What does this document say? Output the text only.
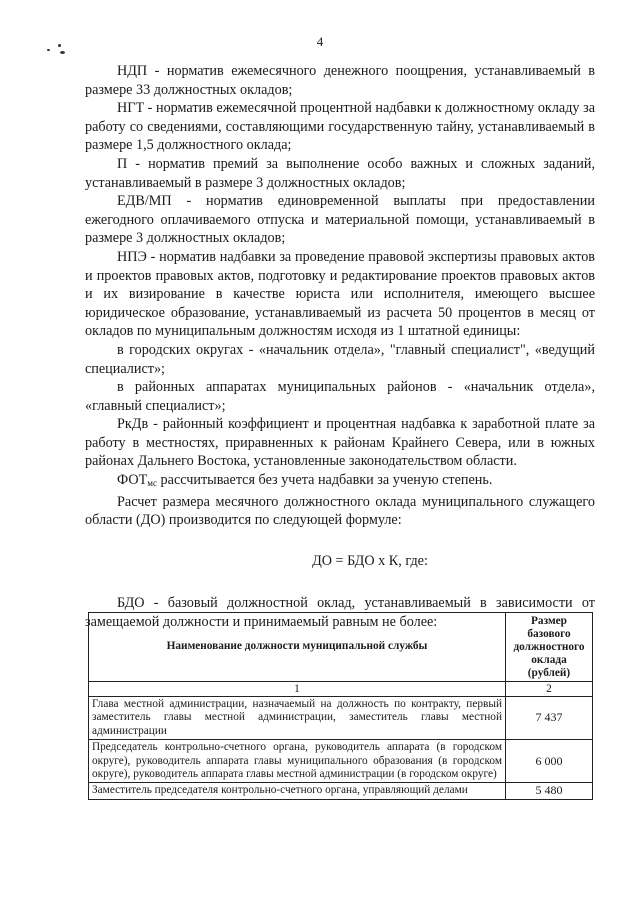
4

НДП - норматив ежемесячного денежного поощрения, устанавливаемый в размере 33 должностных окладов;

НГТ - норматив ежемесячной процентной надбавки к должностному окладу за работу со сведениями, составляющими государственную тайну, устанавливаемый в размере 1,5 должностного оклада;

П - норматив премий за выполнение особо важных и сложных заданий, устанавливаемый в размере 3 должностных окладов;

ЕДВ/МП - норматив единовременной выплаты при предоставлении ежегодного оплачиваемого отпуска и материальной помощи, устанавливаемый в размере 3 должностных окладов;

НПЭ - норматив надбавки за проведение правовой экспертизы правовых актов и проектов правовых актов, подготовку и редактирование проектов правовых актов и их визирование в качестве юриста или исполнителя, имеющего высшее юридическое образование, устанавливаемый из расчета 50 процентов в месяц от окладов по муниципальным должностям исходя из 1 штатной единицы:

в городских округах - «начальник отдела», "главный специалист", «ведущий специалист»;

в районных аппаратах муниципальных районов - «начальник отдела», «главный специалист»;

РкДв - районный коэффициент и процентная надбавка к заработной плате за работу в местностях, приравненных к районам Крайнего Севера, или в южных районах Дальнего Востока, установленные законодательством области.

$ФОТ_{мс}$ рассчитывается без учета надбавки за ученую степень.

Расчет размера месячного должностного оклада муниципального служащего области (ДО) производится по следующей формуле:

ДО = БДО х К, где:

БДО - базовый должностной оклад, устанавливаемый в зависимости от замещаемой должности и принимаемый равным не более:

Наименование должности муниципальной службы	Размер базового должностного оклада (рублей)
1	2
Глава местной администрации, назначаемый на должность по контракту, первый заместитель главы местной администрации, заместитель главы местной администрации	7 437
Председатель контрольно-счетного органа, руководитель аппарата (в городском округе), руководитель аппарата главы муниципального образования (в городском округе), руководитель аппарата главы местной администрации (в городском округе)	6 000
Заместитель председателя контрольно-счетного органа, управляющий делами	5 480
